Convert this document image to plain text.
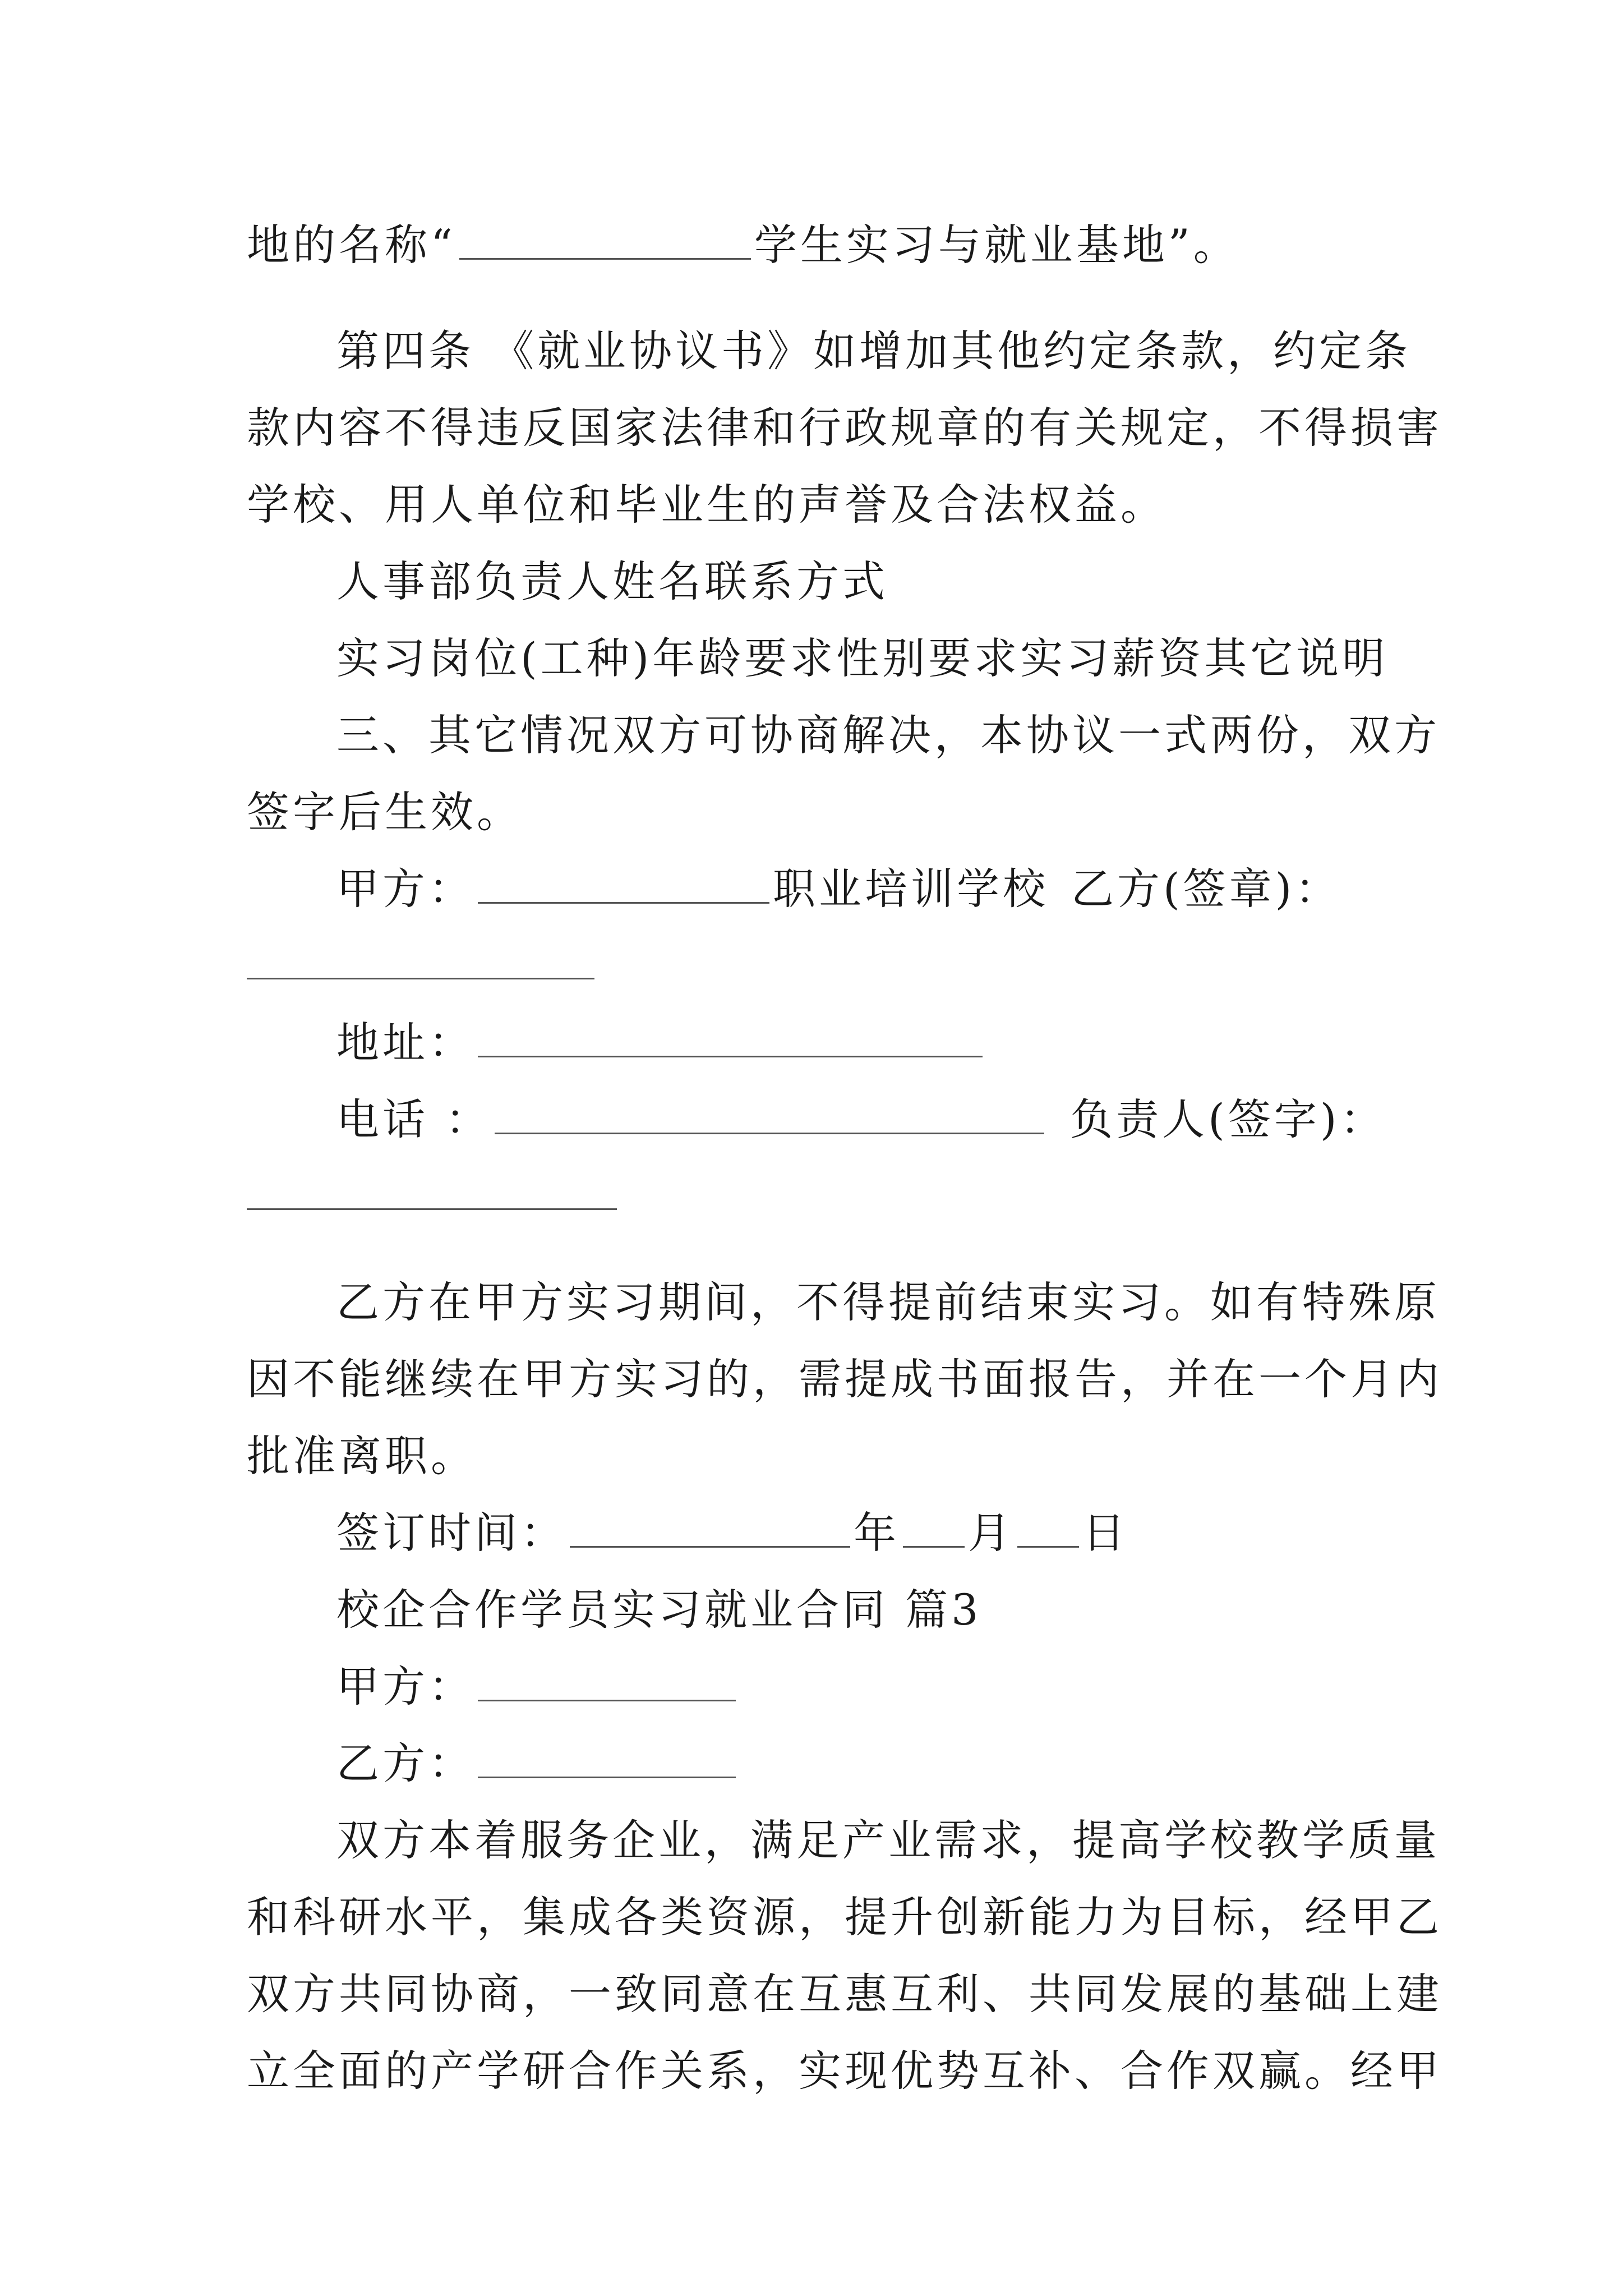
地的名称“	学生实习与就业基地”。
第四条 《就业协议书》如增加其他约定条款，约定条
款内容不得违反国家法律和行政规章的有关规定，不得损害
学校、用人单位和毕业生的声誉及合法权益。
人事部负责人姓名联系方式
实习岗位(工种)年龄要求性别要求实习薪资其它说明
三、其它情况双方可协商解决，本协议一式两份，双方
签字后生效。
甲方：	职业培训学校 乙方(签章)：
地址：
电话 ：	负责人(签字)：
乙方在甲方实习期间，不得提前结束实习。如有特殊原
因不能继续在甲方实习的，需提成书面报告，并在一个月内
批准离职。
签订时间：	年 月 日
校企合作学员实习就业合同 篇3
甲方：
乙方：
双方本着服务企业，满足产业需求，提高学校教学质量
和科研水平，集成各类资源，提升创新能力为目标，经甲乙
双方共同协商，一致同意在互惠互利、共同发展的基础上建
立全面的产学研合作关系，实现优势互补、合作双赢。经甲
